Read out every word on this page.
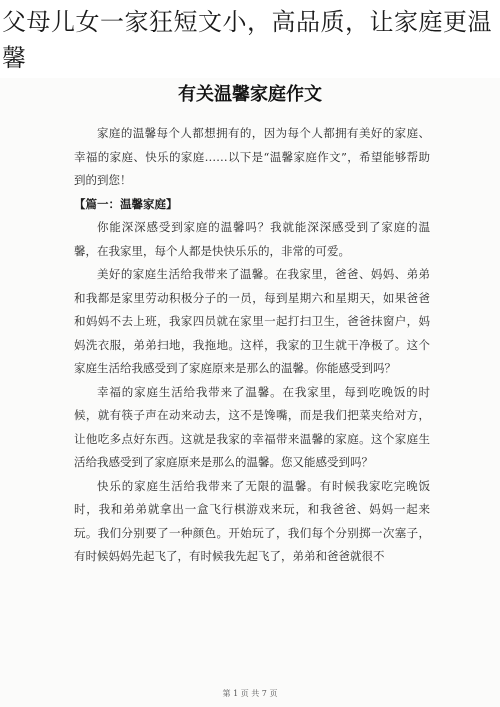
父母儿女一家狂短文小，高品质，让家庭更温馨
有关温馨家庭作文

家庭的温馨每个人都想拥有的，因为每个人都拥有美好的家庭、幸福的家庭、快乐的家庭……以下是“温馨家庭作文”，希望能够帮助到的到您！

【篇一：温馨家庭】

你能深深感受到家庭的温馨吗？我就能深深感受到了家庭的温馨，在我家里，每个人都是快快乐乐的，非常的可爱。

美好的家庭生活给我带来了温馨。在我家里，爸爸、妈妈、弟弟和我都是家里劳动积极分子的一员，每到星期六和星期天，如果爸爸和妈妈不去上班，我家四员就在家里一起打扫卫生，爸爸抹窗户，妈妈洗衣服，弟弟扫地，我拖地。这样，我家的卫生就干净极了。这个家庭生活给我感受到了家庭原来是那么的温馨。你能感受到吗？

幸福的家庭生活给我带来了温馨。在我家里，每到吃晚饭的时候，就有筷子声在动来动去，这不是馋嘴，而是我们把菜夹给对方，让他吃多点好东西。这就是我家的幸福带来温馨的家庭。这个家庭生活给我感受到了家庭原来是那么的温馨。您又能感受到吗？

快乐的家庭生活给我带来了无限的温馨。有时候我家吃完晚饭时，我和弟弟就拿出一盒飞行棋游戏来玩，和我爸爸、妈妈一起来玩。我们分别要了一种颜色。开始玩了，我们每个分别掷一次塞子，有时候妈妈先起飞了，有时候我先起飞了，弟弟和爸爸就很不

第 1 页 共 7 页
